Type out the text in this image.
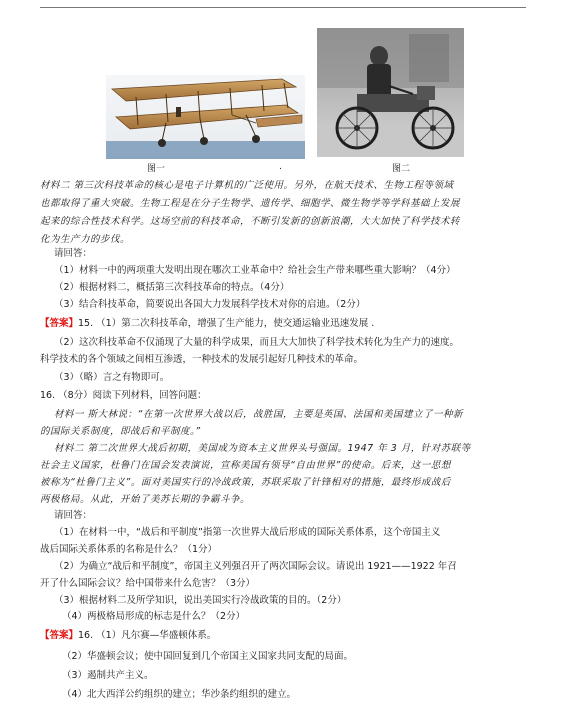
图一	.	图二
材料二 第三次科技革命的核心是电子计算机的广泛使用。另外，在航天技术、生物工程等领域
也都取得了重大突破。生物工程是在分子生物学、遗传学、细胞学、微生物学等学科基础上发展
起来的综合性技术科学。这场空前的科技革命，不断引发新的创新浪潮，大大加快了科学技术转
化为生产力的步伐。
请回答：
（1）材料一中的两项重大发明出现在哪次工业革命中？给社会生产带来哪些重大影响？（4分）
（2）根据材料二，概括第三次科技革命的特点。（4分）
（3）结合科技革命，简要说出各国大力发展科学技术对你的启迪。（2分）
【答案】15. （1）第二次科技革命，增强了生产能力，使交通运输业迅速发展 .
（2）这次科技革命不仅涌现了大量的科学成果，而且大大加快了科学技术转化为生产力的速度。
科学技术的各个领域之间相互渗透，一种技术的发展引起好几种技术的革命。
（3）（略）言之有物即可。
16. （8分）阅读下列材料，回答问题：
材料一 斯大林说：“在第一次世界大战以后，战胜国，主要是英国、法国和美国建立了一种新
的国际关系制度，即战后和平制度。”
材料二 第二次世界大战后初期，美国成为资本主义世界头号强国。1947 年 3 月，针对苏联等
社会主义国家，杜鲁门在国会发表演说，宣称美国有领导“自由世界”的使命。后来，这一思想
被称为“杜鲁门主义”。面对美国实行的冷战政策，苏联采取了针锋相对的措施，最终形成战后
两极格局。从此，开始了美苏长期的争霸斗争。
请回答：
（1）在材料一中，“战后和平制度”指第一次世界大战后形成的国际关系体系，这个帝国主义
战后国际关系体系的名称是什么？（1分）
（2）为确立“战后和平制度”，帝国主义列强召开了两次国际会议。请说出 1921——1922 年召
开了什么国际会议？给中国带来什么危害？（3分）
（3）根据材料二及所学知识，说出美国实行冷战政策的目的。（2分）
（4）两极格局形成的标志是什么？（2分）
【答案】16. （1）凡尔赛—华盛顿体系。
（2）华盛顿会议；使中国回复到几个帝国主义国家共同支配的局面。
（3）遏制共产主义。
（4）北大西洋公约组织的建立；华沙条约组织的建立。
